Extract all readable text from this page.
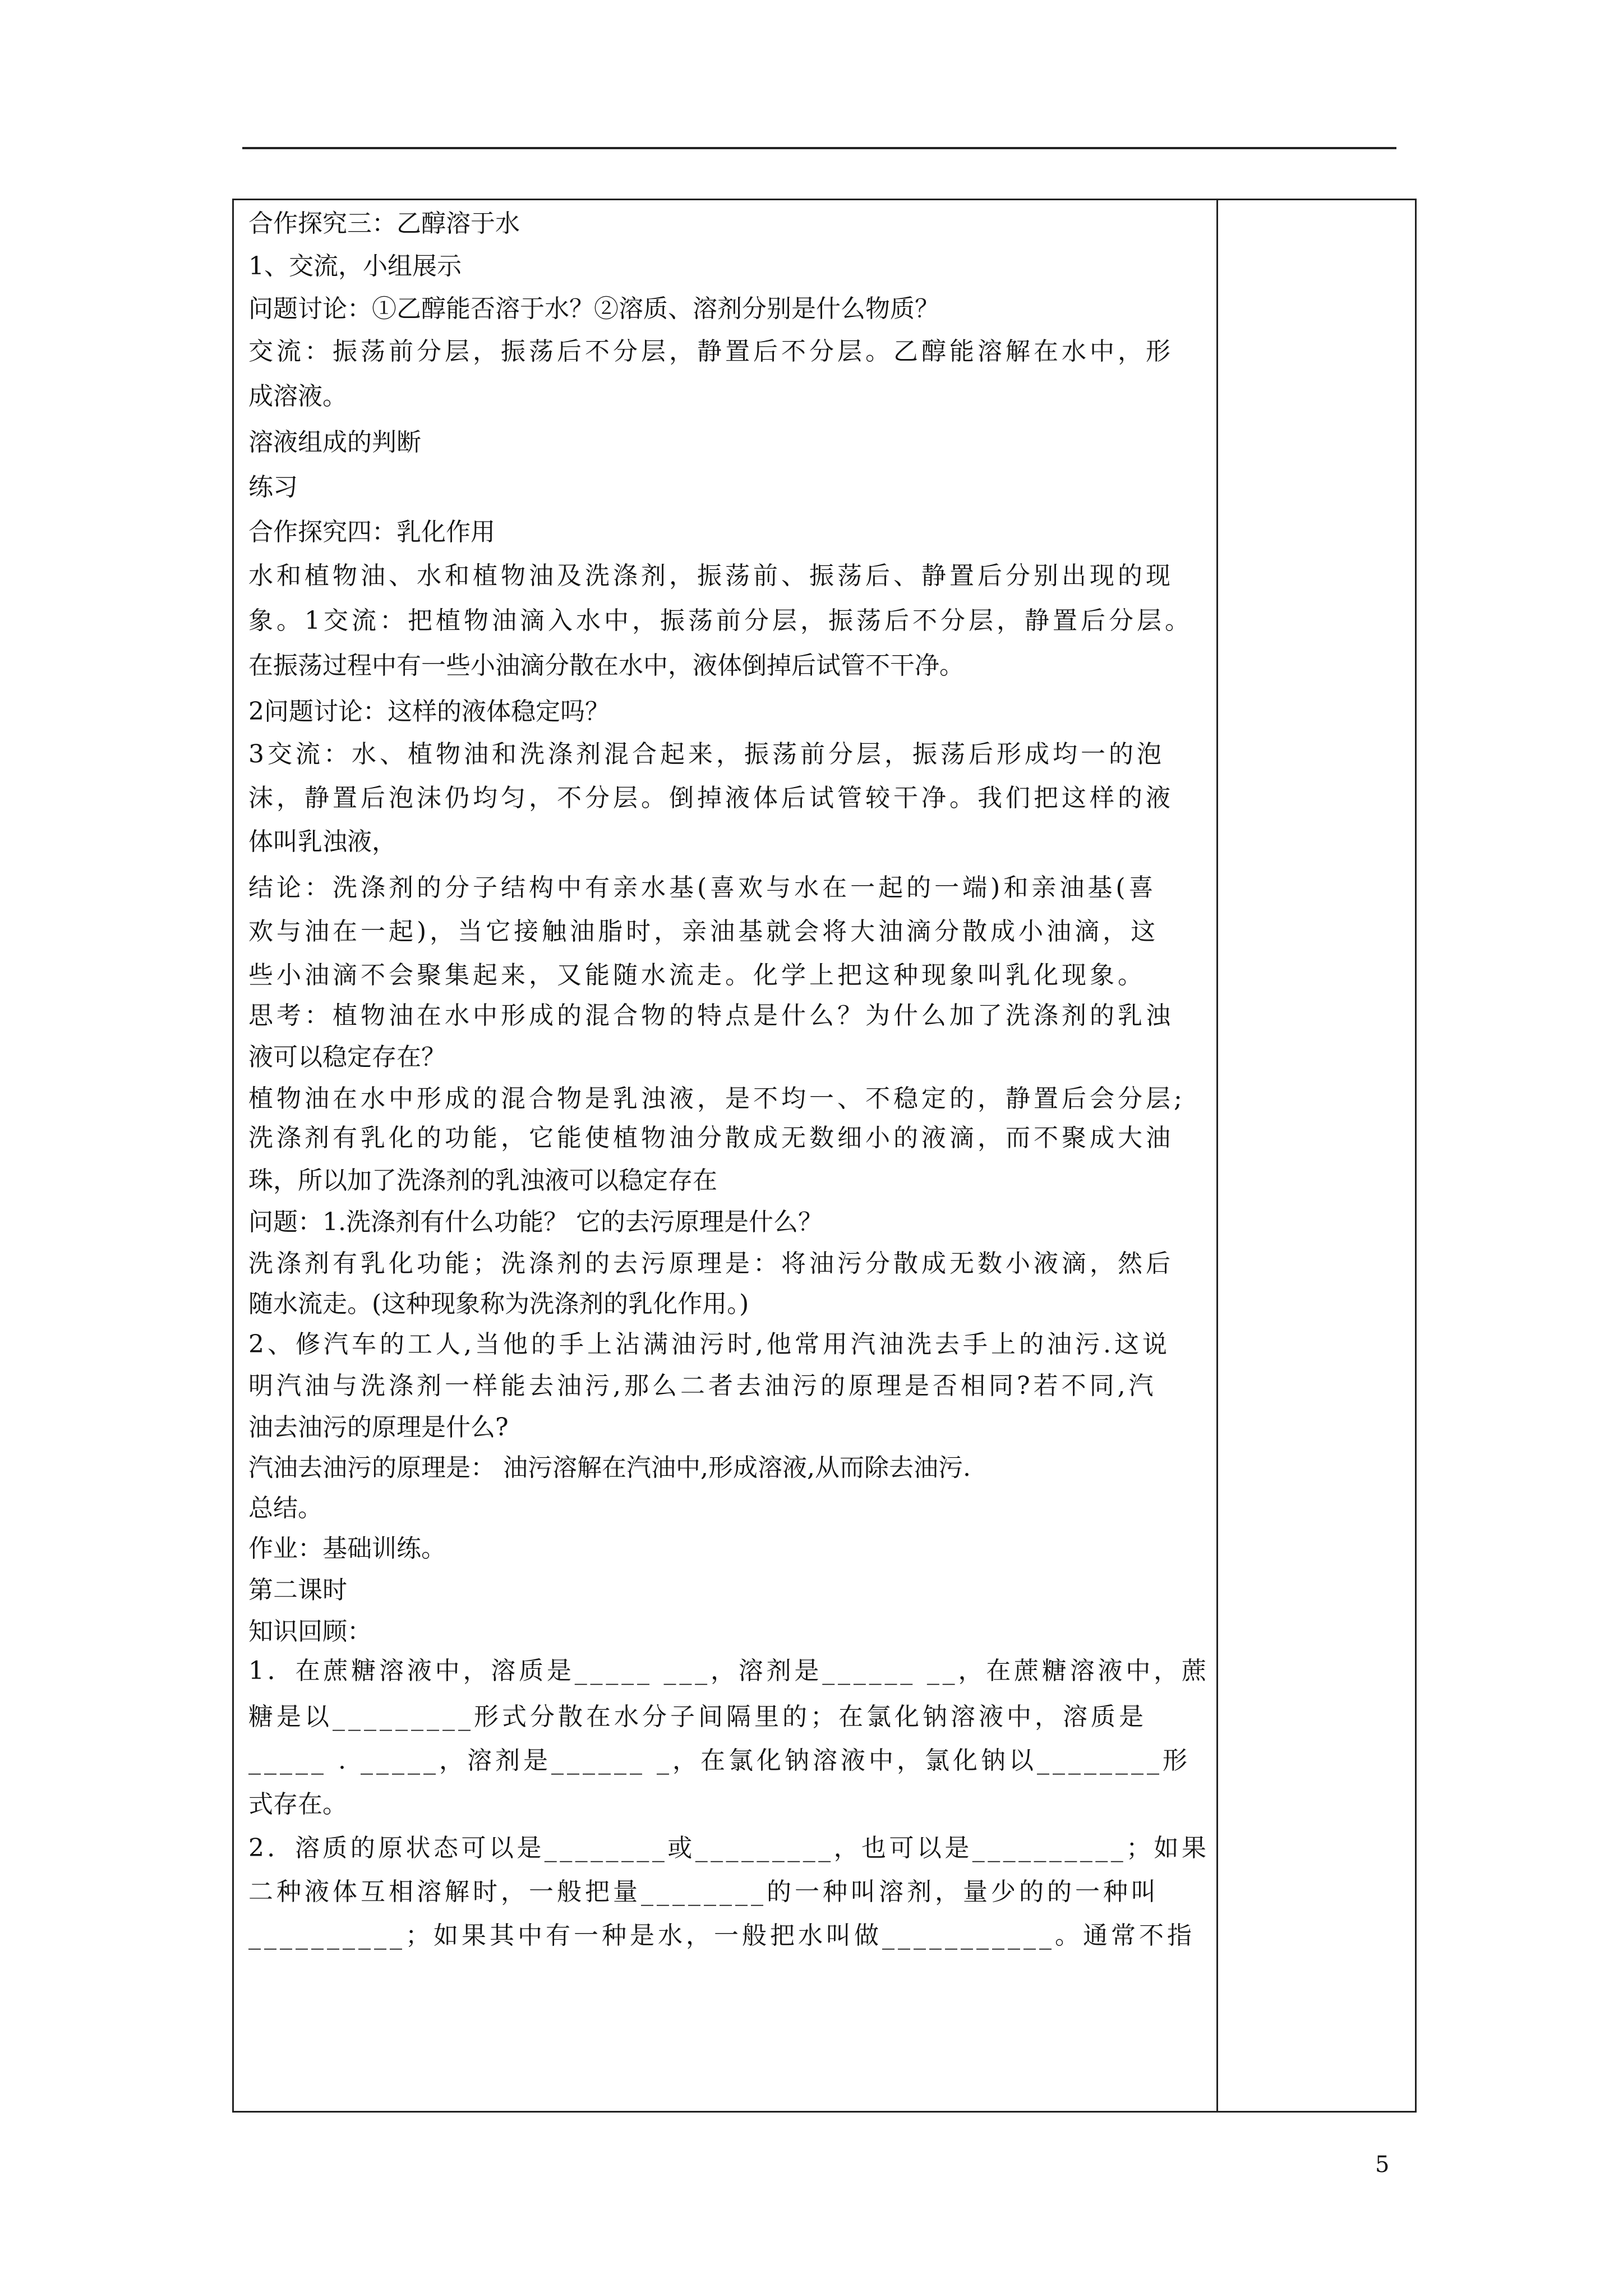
合作探究三：乙醇溶于水
1、交流，小组展示
问题讨论：①乙醇能否溶于水？②溶质、溶剂分别是什么物质？
交流：振荡前分层，振荡后不分层，静置后不分层。乙醇能溶解在水中，形
成溶液。
溶液组成的判断
练习
合作探究四：乳化作用
水和植物油、水和植物油及洗涤剂，振荡前、振荡后、静置后分别出现的现
象。1交流：把植物油滴入水中，振荡前分层，振荡后不分层，静置后分层。
在振荡过程中有一些小油滴分散在水中，液体倒掉后试管不干净。
2问题讨论：这样的液体稳定吗？
3交流：水、植物油和洗涤剂混合起来，振荡前分层，振荡后形成均一的泡
沫，静置后泡沫仍均匀，不分层。倒掉液体后试管较干净。我们把这样的液
体叫乳浊液，
结论：洗涤剂的分子结构中有亲水基(喜欢与水在一起的一端)和亲油基(喜
欢与油在一起)，当它接触油脂时，亲油基就会将大油滴分散成小油滴，这
些小油滴不会聚集起来，又能随水流走。化学上把这种现象叫乳化现象。
思考：植物油在水中形成的混合物的特点是什么？为什么加了洗涤剂的乳浊
液可以稳定存在？
植物油在水中形成的混合物是乳浊液，是不均一、不稳定的，静置后会分层;
洗涤剂有乳化的功能，它能使植物油分散成无数细小的液滴，而不聚成大油
珠，所以加了洗涤剂的乳浊液可以稳定存在
问题：1.洗涤剂有什么功能？ 它的去污原理是什么？
洗涤剂有乳化功能；洗涤剂的去污原理是：将油污分散成无数小液滴，然后
随水流走。(这种现象称为洗涤剂的乳化作用。)
2、修汽车的工人,当他的手上沾满油污时,他常用汽油洗去手上的油污.这说
明汽油与洗涤剂一样能去油污,那么二者去油污的原理是否相同?若不同,汽
油去油污的原理是什么?
汽油去油污的原理是： 油污溶解在汽油中,形成溶液,从而除去油污.
总结。
作业：基础训练。
第二课时
知识回顾：
1．在蔗糖溶液中，溶质是_____ ___，溶剂是______ __，在蔗糖溶液中，蔗
糖是以_________形式分散在水分子间隔里的；在氯化钠溶液中，溶质是
_____ . _____，溶剂是______ _，在氯化钠溶液中，氯化钠以________形
式存在。
2．溶质的原状态可以是________或_________，也可以是__________；如果
二种液体互相溶解时，一般把量________的一种叫溶剂，量少的的一种叫
__________；如果其中有一种是水，一般把水叫做___________。通常不指
5
